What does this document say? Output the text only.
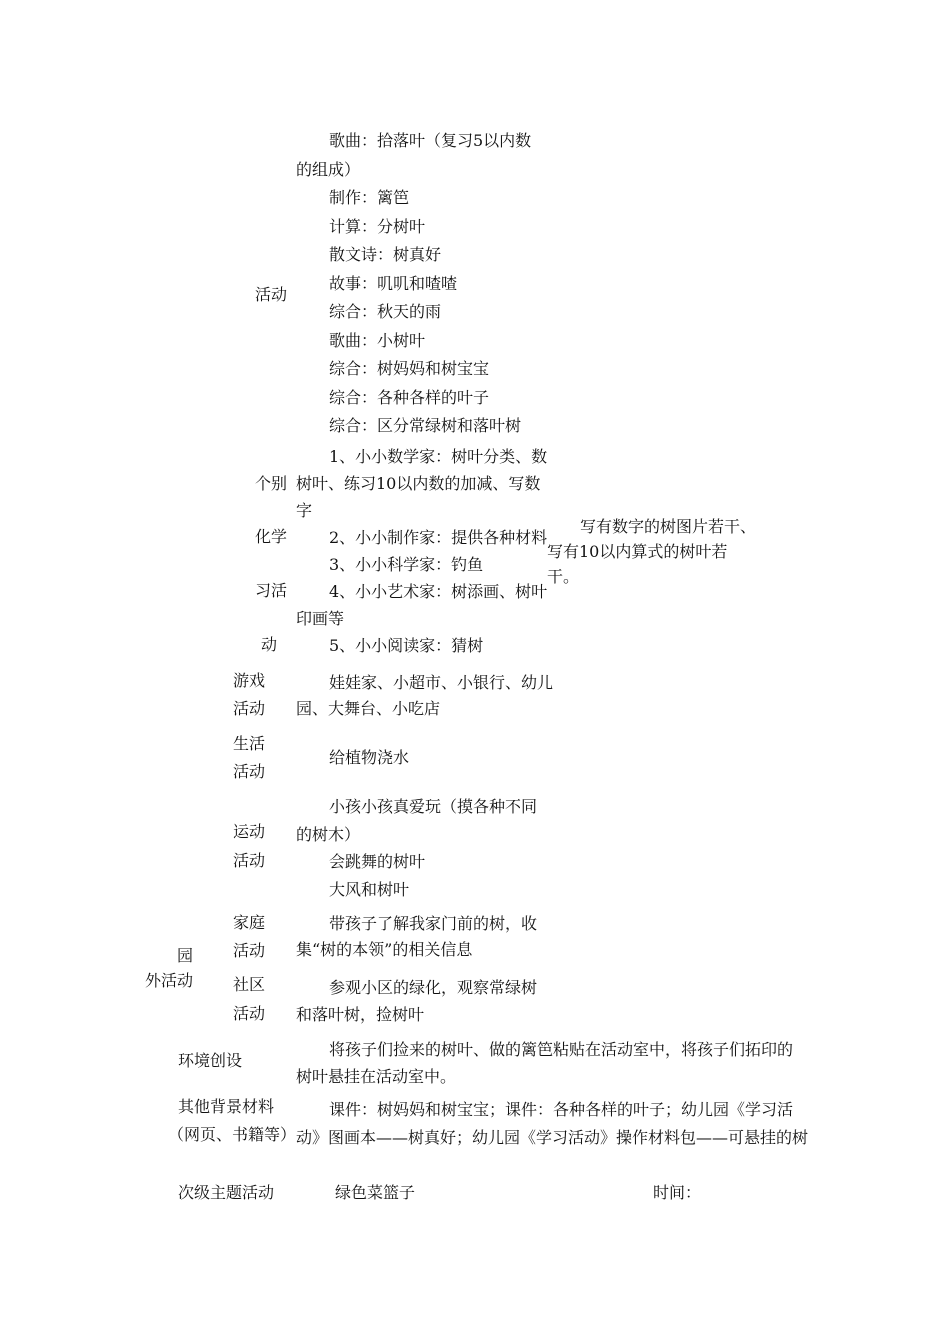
活动
歌曲：拾落叶（复习5以内数
的组成）
制作：篱笆
计算：分树叶
散文诗：树真好
故事：叽叽和喳喳
综合：秋天的雨
歌曲：小树叶
综合：树妈妈和树宝宝
综合：各种各样的叶子
综合：区分常绿树和落叶树
个别
化学
习活
动
1、小小数学家：树叶分类、数
树叶、练习10以内数的加减、写数
字
2、小小制作家：提供各种材料
3、小小科学家：钓鱼
4、小小艺术家：树添画、树叶
印画等
5、小小阅读家：猜树
写有数字的树图片若干、
写有10以内算式的树叶若
干。
游戏
活动
娃娃家、小超市、小银行、幼儿
园、大舞台、小吃店
生活
活动
给植物浇水
运动
活动
小孩小孩真爱玩（摸各种不同
的树木）
会跳舞的树叶
大风和树叶
园
外活动
家庭
活动
带孩子了解我家门前的树，收
集“树的本领”的相关信息
社区
活动
参观小区的绿化，观察常绿树
和落叶树，捡树叶
环境创设
将孩子们捡来的树叶、做的篱笆粘贴在活动室中，将孩子们拓印的
树叶悬挂在活动室中。
其他背景材料
（网页、书籍等）
课件：树妈妈和树宝宝；课件：各种各样的叶子；幼儿园《学习活
动》图画本——树真好；幼儿园《学习活动》操作材料包——可悬挂的树
次级主题活动	绿色菜篮子	时间：
